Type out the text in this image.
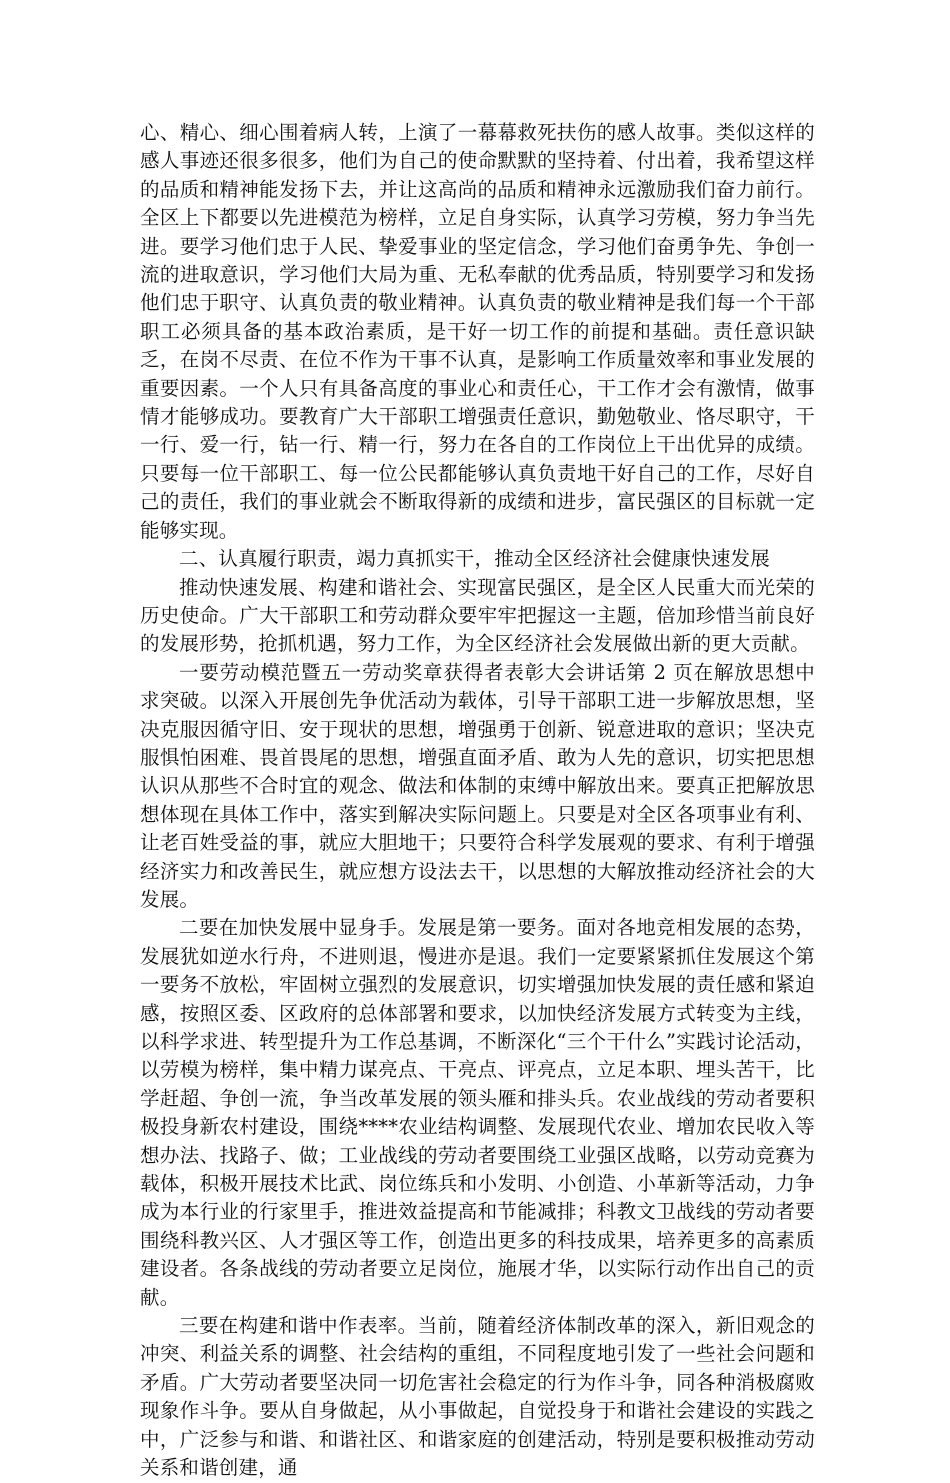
心、精心、细心围着病人转，上演了一幕幕救死扶伤的感人故事。类似这样的感人事迹还很多很多，他们为自己的使命默默的坚持着、付出着，我希望这样的品质和精神能发扬下去，并让这高尚的品质和精神永远激励我们奋力前行。全区上下都要以先进模范为榜样，立足自身实际，认真学习劳模，努力争当先进。要学习他们忠于人民、挚爱事业的坚定信念，学习他们奋勇争先、争创一流的进取意识，学习他们大局为重、无私奉献的优秀品质，特别要学习和发扬他们忠于职守、认真负责的敬业精神。认真负责的敬业精神是我们每一个干部职工必须具备的基本政治素质，是干好一切工作的前提和基础。责任意识缺乏，在岗不尽责、在位不作为干事不认真，是影响工作质量效率和事业发展的重要因素。一个人只有具备高度的事业心和责任心，干工作才会有激情，做事情才能够成功。要教育广大干部职工增强责任意识，勤勉敬业、恪尽职守，干一行、爱一行，钻一行、精一行，努力在各自的工作岗位上干出优异的成绩。只要每一位干部职工、每一位公民都能够认真负责地干好自己的工作，尽好自己的责任，我们的事业就会不断取得新的成绩和进步，富民强区的目标就一定能够实现。

二、认真履行职责，竭力真抓实干，推动全区经济社会健康快速发展

推动快速发展、构建和谐社会、实现富民强区，是全区人民重大而光荣的历史使命。广大干部职工和劳动群众要牢牢把握这一主题，倍加珍惜当前良好的发展形势，抢抓机遇，努力工作，为全区经济社会发展做出新的更大贡献。

一要劳动模范暨五一劳动奖章获得者表彰大会讲话第 2 页在解放思想中求突破。以深入开展创先争优活动为载体，引导干部职工进一步解放思想，坚决克服因循守旧、安于现状的思想，增强勇于创新、锐意进取的意识；坚决克服惧怕困难、畏首畏尾的思想，增强直面矛盾、敢为人先的意识，切实把思想认识从那些不合时宜的观念、做法和体制的束缚中解放出来。要真正把解放思想体现在具体工作中，落实到解决实际问题上。只要是对全区各项事业有利、让老百姓受益的事，就应大胆地干；只要符合科学发展观的要求、有利于增强经济实力和改善民生，就应想方设法去干，以思想的大解放推动经济社会的大发展。

二要在加快发展中显身手。发展是第一要务。面对各地竞相发展的态势，发展犹如逆水行舟，不进则退，慢进亦是退。我们一定要紧紧抓住发展这个第一要务不放松，牢固树立强烈的发展意识，切实增强加快发展的责任感和紧迫感，按照区委、区政府的总体部署和要求，以加快经济发展方式转变为主线，以科学求进、转型提升为工作总基调，不断深化“三个干什么”实践讨论活动，以劳模为榜样，集中精力谋亮点、干亮点、评亮点，立足本职、埋头苦干，比学赶超、争创一流，争当改革发展的领头雁和排头兵。农业战线的劳动者要积极投身新农村建设，围绕****农业结构调整、发展现代农业、增加农民收入等想办法、找路子、做；工业战线的劳动者要围绕工业强区战略，以劳动竞赛为载体，积极开展技术比武、岗位练兵和小发明、小创造、小革新等活动，力争成为本行业的行家里手，推进效益提高和节能减排；科教文卫战线的劳动者要围绕科教兴区、人才强区等工作，创造出更多的科技成果，培养更多的高素质建设者。各条战线的劳动者要立足岗位，施展才华，以实际行动作出自己的贡献。

三要在构建和谐中作表率。当前，随着经济体制改革的深入，新旧观念的冲突、利益关系的调整、社会结构的重组，不同程度地引发了一些社会问题和矛盾。广大劳动者要坚决同一切危害社会稳定的行为作斗争，同各种消极腐败现象作斗争。要从自身做起，从小事做起，自觉投身于和谐社会建设的实践之中，广泛参与和谐、和谐社区、和谐家庭的创建活动，特别是要积极推动劳动关系和谐创建，通
